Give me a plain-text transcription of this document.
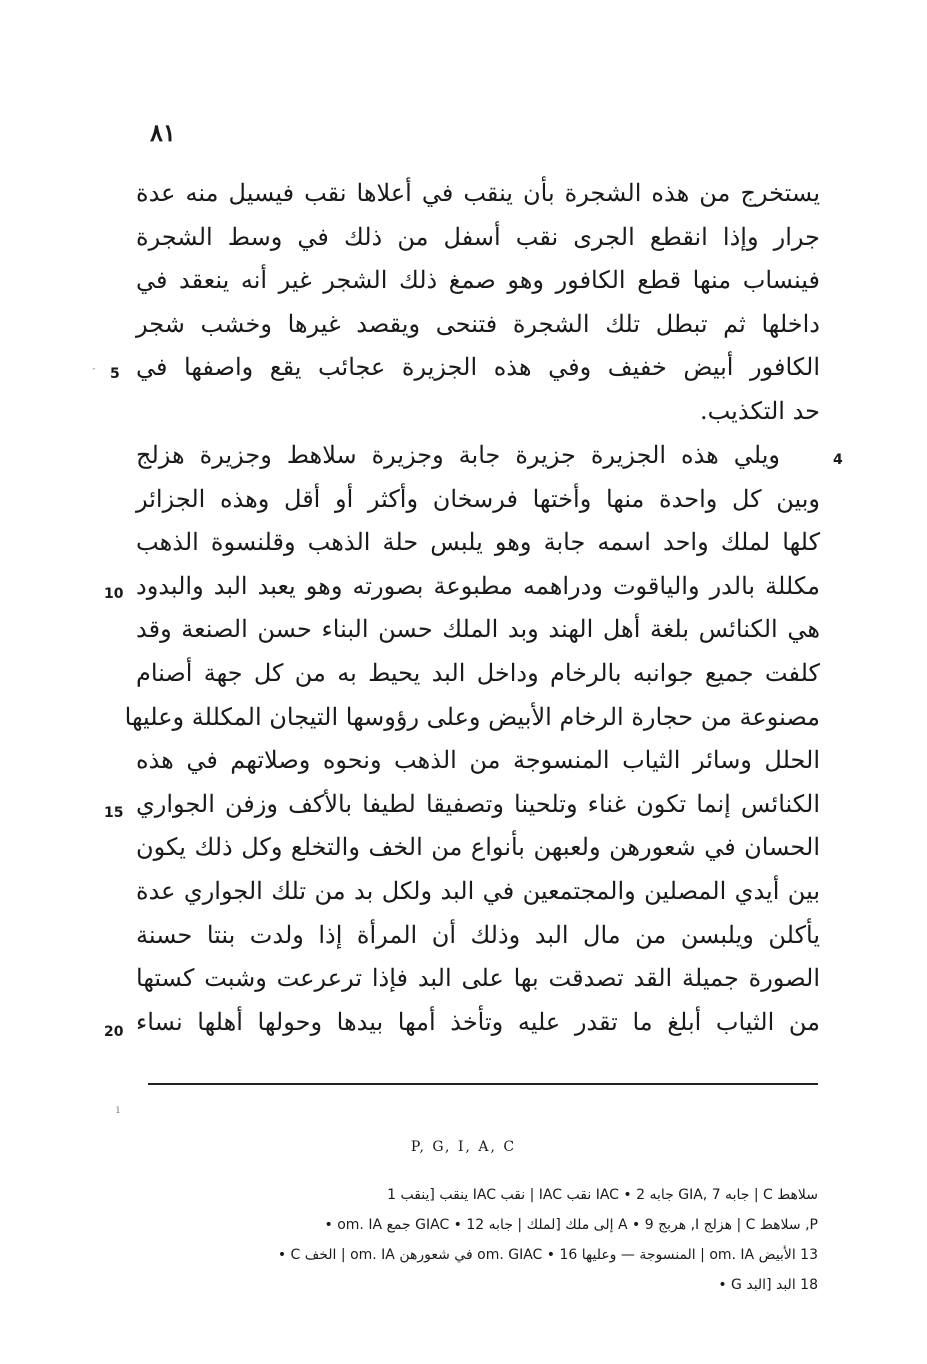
٨١
يستخرج من هذه الشجرة بأن ينقب في أعلاها نقب فيسيل منه عدة
جرار وإذا انقطع الجرى نقب أسفل من ذلك في وسط الشجرة
فينساب منها قطع الكافور وهو صمغ ذلك الشجر غير أنه ينعقد في
داخلها ثم تبطل تلك الشجرة فتنحى ويقصد غيرها وخشب شجر
الكافور أبيض خفيف وفي هذه الجزيرة عجائب يقع واصفها في
حد التكذيب.
ويلي هذه الجزيرة جزيرة جابة وجزيرة سلاهط وجزيرة هزلج
وبين كل واحدة منها وأختها فرسخان وأكثر أو أقل وهذه الجزائر
كلها لملك واحد اسمه جابة وهو يلبس حلة الذهب وقلنسوة الذهب
مكللة بالدر والياقوت ودراهمه مطبوعة بصورته وهو يعبد البد والبدود
هي الكنائس بلغة أهل الهند وبد الملك حسن البناء حسن الصنعة وقد
كلفت جميع جوانبه بالرخام وداخل البد يحيط به من كل جهة أصنام
مصنوعة من حجارة الرخام الأبيض وعلى رؤوسها التيجان المكللة وعليها
الحلل وسائر الثياب المنسوجة من الذهب ونحوه وصلاتهم في هذه
الكنائس إنما تكون غناء وتلحينا وتصفيقا لطيفا بالأكف وزفن الجواري
الحسان في شعورهن ولعبهن بأنواع من الخف والتخلع وكل ذلك يكون
بين أيدي المصلين والمجتمعين في البد ولكل بد من تلك الجواري عدة
يأكلن ويلبسن من مال البد وذلك أن المرأة إذا ولدت بنتا حسنة
الصورة جميلة القد تصدقت بها على البد فإذا ترعرعت وشبت كستها
من الثياب أبلغ ما تقدر عليه وتأخذ أمها بيدها وحولها أهلها نساء
5
4
10
15
20
·
ı
P, G, I, A, C
سلاهط C | جابه GIA, 7 جابه IAC • 2 نقب IAC | نقب IAC ينقب [ينقب 1
P, سلاهط C | هزلج I, هربج A • 9 إلى ملك [لملك | جابه GIAC • 12 جمع om. IA •
13 الأبيض om. IA | المنسوجة — وعليها om. GIAC • 16 في شعورهن om. IA | الخف C •
18 البد [البد G •
